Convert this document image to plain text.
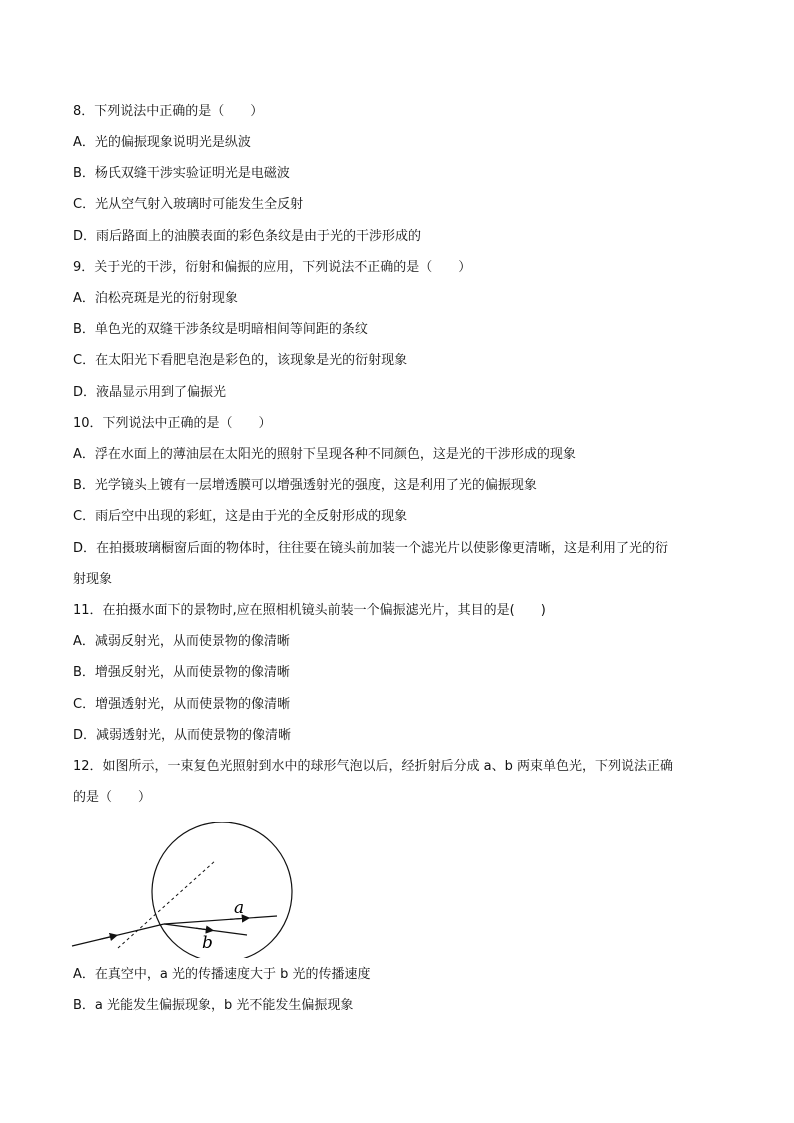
8．下列说法中正确的是（　　）
A．光的偏振现象说明光是纵波
B．杨氏双缝干涉实验证明光是电磁波
C．光从空气射入玻璃时可能发生全反射
D．雨后路面上的油膜表面的彩色条纹是由于光的干涉形成的
9．关于光的干涉，衍射和偏振的应用，下列说法不正确的是（　　）
A．泊松亮斑是光的衍射现象
B．单色光的双缝干涉条纹是明暗相间等间距的条纹
C．在太阳光下看肥皂泡是彩色的，该现象是光的衍射现象
D．液晶显示用到了偏振光
10．下列说法中正确的是（　　）
A．浮在水面上的薄油层在太阳光的照射下呈现各种不同颜色，这是光的干涉形成的现象
B．光学镜头上镀有一层增透膜可以增强透射光的强度，这是利用了光的偏振现象
C．雨后空中出现的彩虹，这是由于光的全反射形成的现象
D．在拍摄玻璃橱窗后面的物体时，往往要在镜头前加装一个滤光片以使影像更清晰，这是利用了光的衍
射现象
11．在拍摄水面下的景物时,应在照相机镜头前装一个偏振滤光片，其目的是(　　)
A．减弱反射光，从而使景物的像清晰
B．增强反射光，从而使景物的像清晰
C．增强透射光，从而使景物的像清晰
D．减弱透射光，从而使景物的像清晰
12．如图所示，一束复色光照射到水中的球形气泡以后，经折射后分成 a、b 两束单色光，下列说法正确
的是（　　）
a
b
A．在真空中，a 光的传播速度大于 b 光的传播速度
B．a 光能发生偏振现象，b 光不能发生偏振现象
